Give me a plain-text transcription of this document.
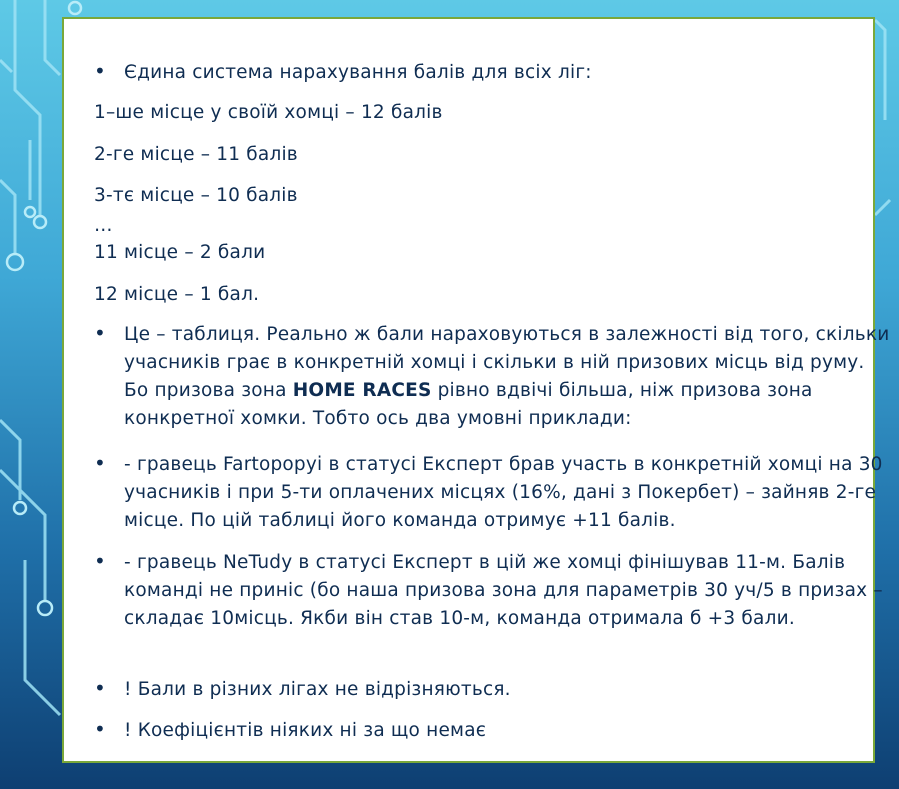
• Єдина система нарахування балів для всіх ліг:
1–ше місце у своїй хомці – 12 балів
2-ге місце – 11 балів
3-тє місце – 10 балів
…
11 місце – 2 бали
12 місце – 1 бал.
• Це – таблиця. Реально ж бали нараховуються в залежності від того, скільки учасників грає в конкретній хомці і скільки в ній призових місць від руму. Бо призова зона HOME RACES рівно вдвічі більша, ніж призова зона конкретної хомки. Тобто ось два умовні приклади:
• - гравець Fartopopyi в статусі Експерт брав участь в конкретній хомці на 30 учасників і при 5-ти оплачених місцях (16%, дані з Покербет) – зайняв 2-ге місце. По цій таблиці його команда отримує +11 балів.
• - гравець NeTudy в статусі Експерт в цій же хомці фінішував 11-м. Балів команді не приніс (бо наша призова зона для параметрів 30 уч/5 в призах – складає 10місць. Якби він став 10-м, команда отримала б +3 бали.
• ! Бали в різних лігах не відрізняються.
• ! Коефіцієнтів ніяких ні за що немає
